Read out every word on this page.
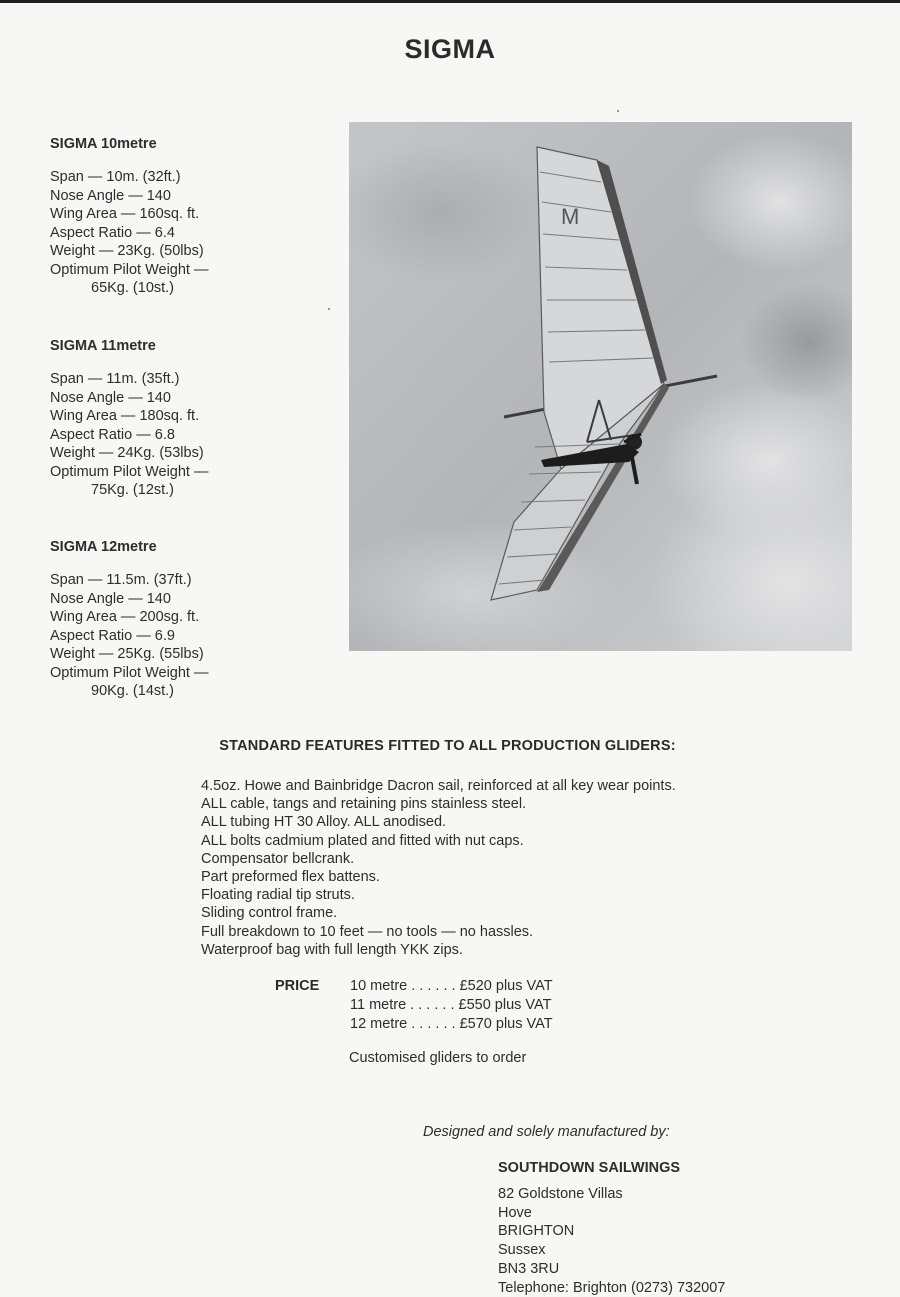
SIGMA
SIGMA 10metre
Span — 10m. (32ft.)
Nose Angle — 140
Wing Area — 160sq. ft.
Aspect Ratio — 6.4
Weight — 23Kg. (50lbs)
Optimum Pilot Weight —
65Kg. (10st.)
SIGMA 11metre
Span — 11m. (35ft.)
Nose Angle — 140
Wing Area — 180sq. ft.
Aspect Ratio — 6.8
Weight — 24Kg. (53lbs)
Optimum Pilot Weight —
75Kg. (12st.)
SIGMA 12metre
Span — 11.5m. (37ft.)
Nose Angle — 140
Wing Area — 200sg. ft.
Aspect Ratio — 6.9
Weight — 25Kg. (55lbs)
Optimum Pilot Weight —
90Kg. (14st.)
M
STANDARD FEATURES FITTED TO ALL PRODUCTION GLIDERS:
4.5oz. Howe and Bainbridge Dacron sail, reinforced at all key wear points.
ALL cable, tangs and retaining pins stainless steel.
ALL tubing HT 30 Alloy. ALL anodised.
ALL bolts cadmium plated and fitted with nut caps.
Compensator bellcrank.
Part preformed flex battens.
Floating radial tip struts.
Sliding control frame.
Full breakdown to 10 feet — no tools — no hassles.
Waterproof bag with full length YKK zips.
PRICE 10 metre . . . . . . £520 plus VAT
11 metre . . . . . . £550 plus VAT
12 metre . . . . . . £570 plus VAT
Customised gliders to order
Designed and solely manufactured by:
SOUTHDOWN SAILWINGS
82 Goldstone Villas
Hove
BRIGHTON
Sussex
BN3 3RU
Telephone: Brighton (0273) 732007
